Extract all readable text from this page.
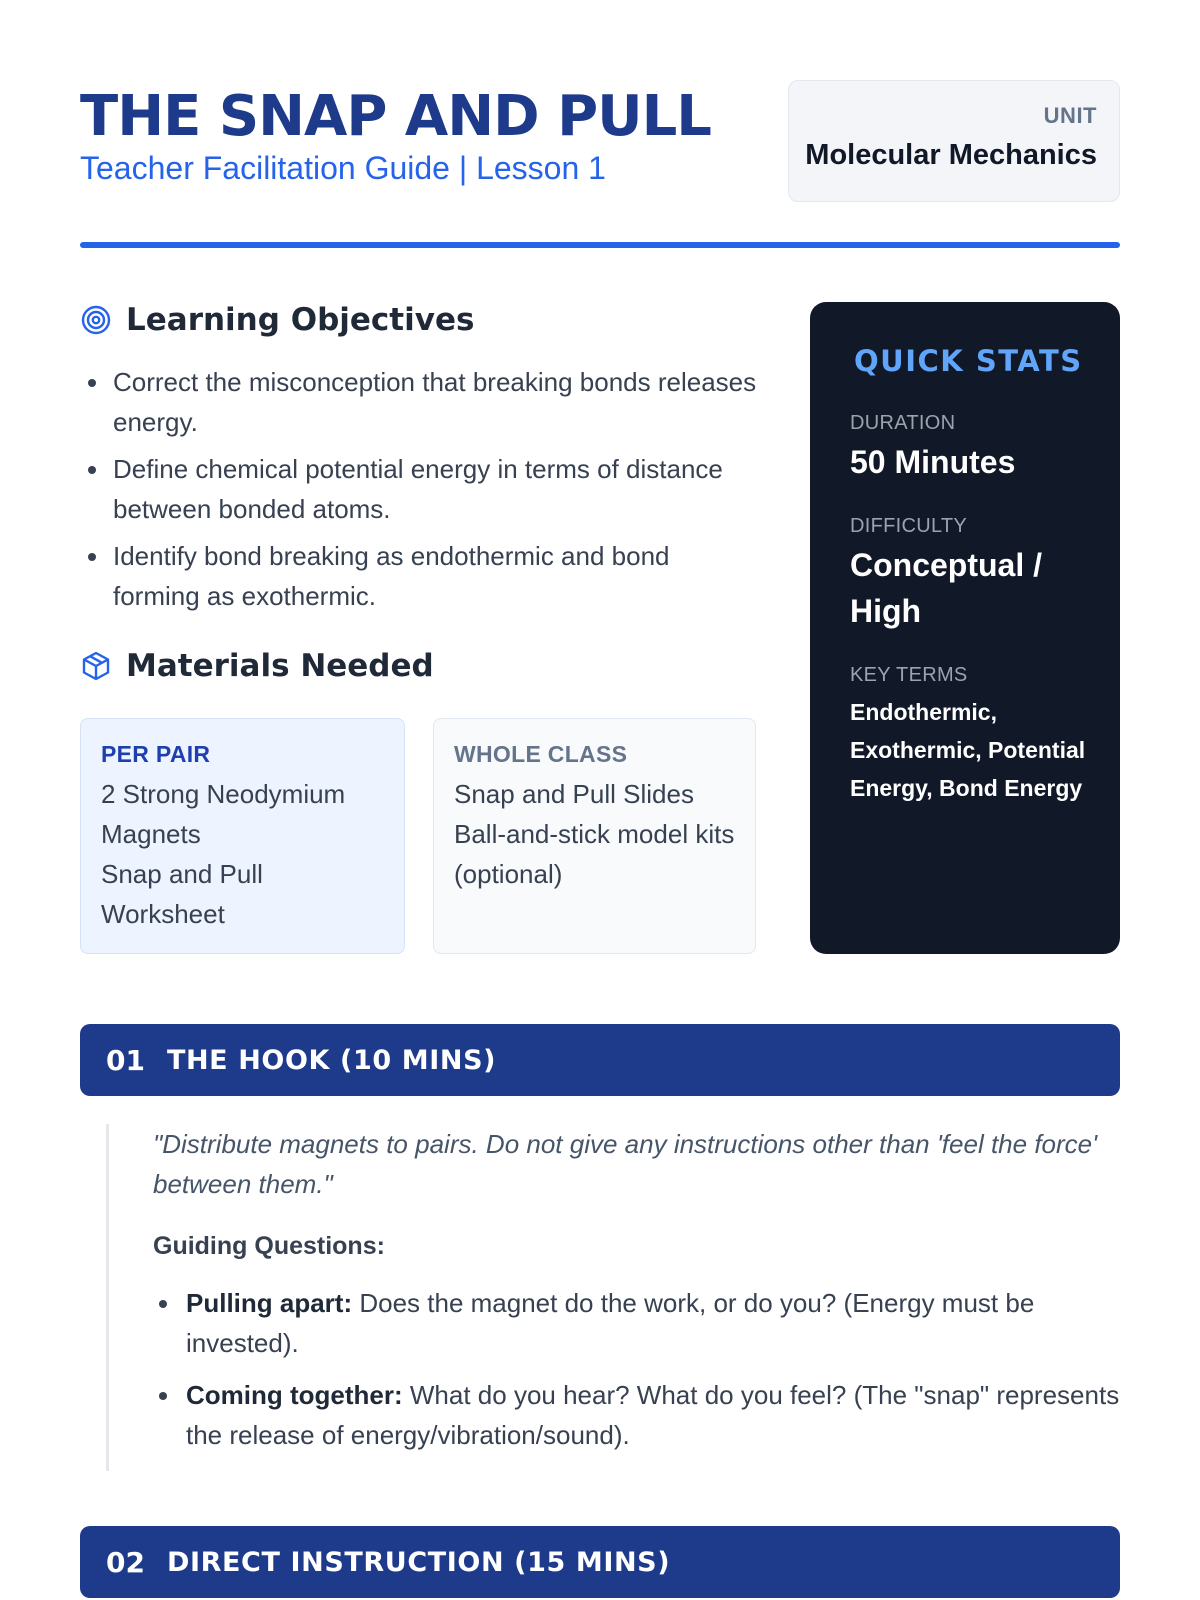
THE SNAP AND PULL
Teacher Facilitation Guide | Lesson 1
UNIT
Molecular Mechanics
Learning Objectives
Correct the misconception that breaking bonds releases energy.
Define chemical potential energy in terms of distance between bonded atoms.
Identify bond breaking as endothermic and bond forming as exothermic.
Materials Needed
PER PAIR
2 Strong Neodymium Magnets
Snap and Pull Worksheet
WHOLE CLASS
Snap and Pull Slides
Ball-and-stick model kits (optional)
QUICK STATS
DURATION
50 Minutes
DIFFICULTY
Conceptual / High
KEY TERMS
Endothermic, Exothermic, Potential Energy, Bond Energy
01 THE HOOK (10 MINS)
"Distribute magnets to pairs. Do not give any instructions other than 'feel the force' between them."
Guiding Questions:
Pulling apart: Does the magnet do the work, or do you? (Energy must be invested).
Coming together: What do you hear? What do you feel? (The "snap" represents the release of energy/vibration/sound).
02 DIRECT INSTRUCTION (15 MINS)
